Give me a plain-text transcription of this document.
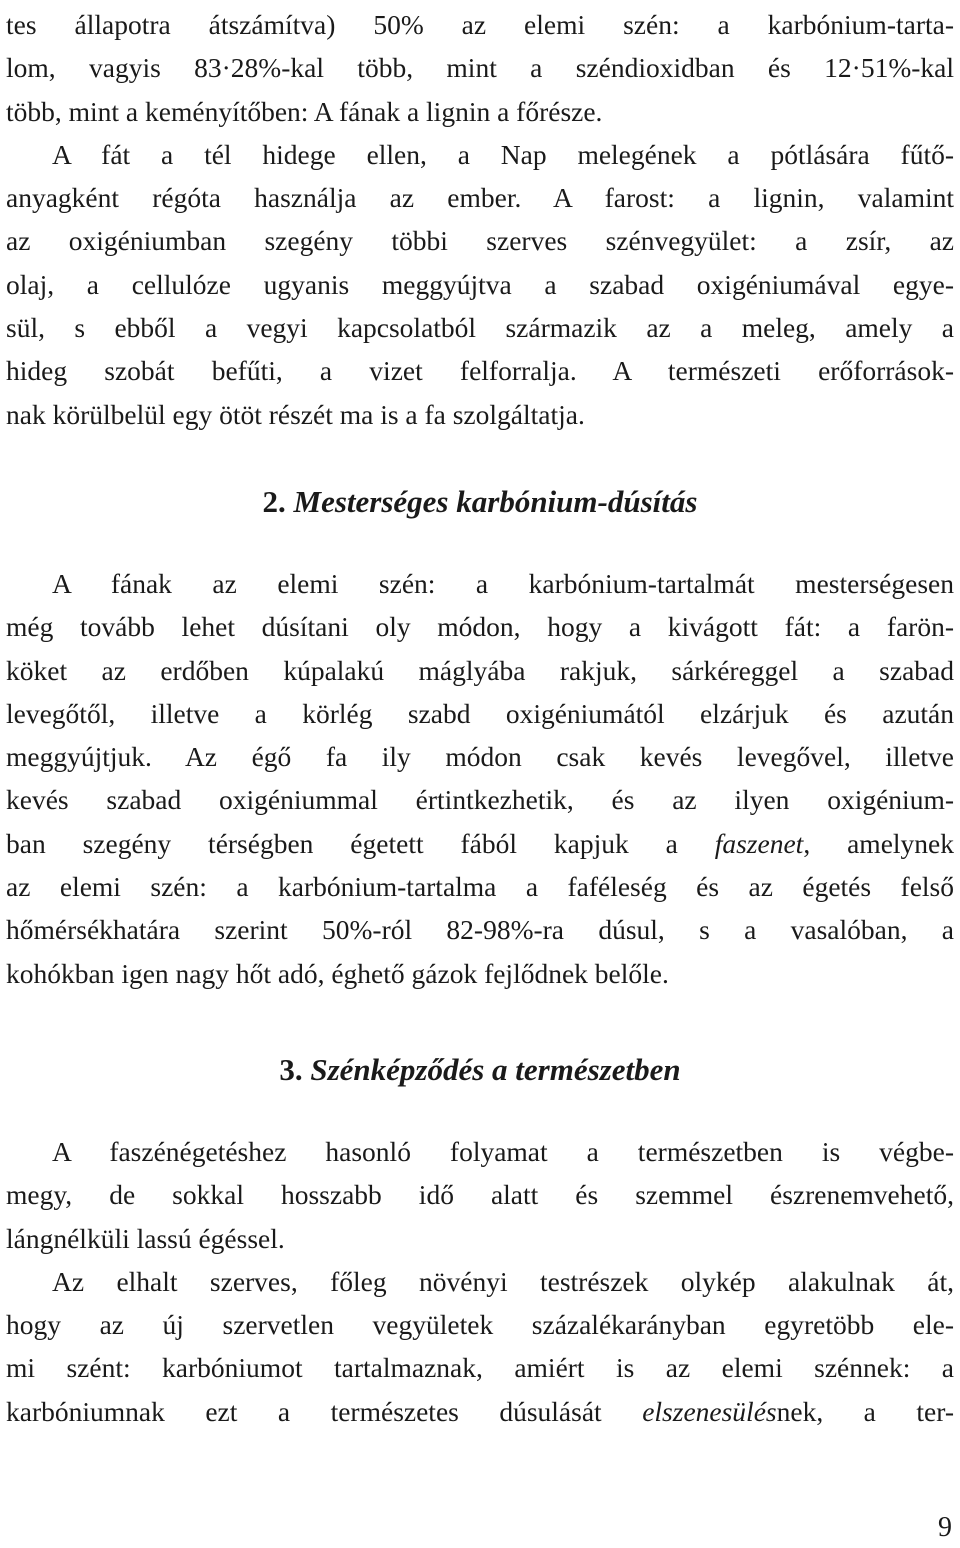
tes állapotra átszámítva) 50% az elemi szén: a karbónium-tarta-
lom, vagyis 83·28%-kal több, mint a széndioxidban és 12·51%-kal
több, mint a keményítőben: A fának a lignin a főrésze.
A fát a tél hidege ellen, a Nap melegének a pótlására fűtő-
anyagként régóta használja az ember. A farost: a lignin, valamint
az oxigéniumban szegény többi szerves szénvegyület: a zsír, az
olaj, a cellulóze ugyanis meggyújtva a szabad oxigéniumával egye-
sül, s ebből a vegyi kapcsolatból származik az a meleg, amely a
hideg szobát befűti, a vizet felforralja. A természeti erőforrások-
nak körülbelül egy ötöt részét ma is a fa szolgáltatja.
2. Mesterséges karbónium-dúsítás
A fának az elemi szén: a karbónium-tartalmát mesterségesen
még tovább lehet dúsítani oly módon, hogy a kivágott fát: a farön-
köket az erdőben kúpalakú máglyába rakjuk, sárkéreggel a szabad
levegőtől, illetve a körlég szabd oxigéniumától elzárjuk és azután
meggyújtjuk. Az égő fa ily módon csak kevés levegővel, illetve
kevés szabad oxigéniummal értintkezhetik, és az ilyen oxigénium-
ban szegény térségben égetett fából kapjuk a faszenet, amelynek
az elemi szén: a karbónium-tartalma a faféleség és az égetés felső
hőmérsékhatára szerint 50%-ról 82-98%-ra dúsul, s a vasalóban, a
kohókban igen nagy hőt adó, éghető gázok fejlődnek belőle.
3. Szénképződés a természetben
A faszénégetéshez hasonló folyamat a természetben is végbe-
megy, de sokkal hosszabb idő alatt és szemmel észrenemvehető,
lángnélküli lassú égéssel.
Az elhalt szerves, főleg növényi testrészek olykép alakulnak át,
hogy az új szervetlen vegyületek százalékarányban egyretöbb ele-
mi szént: karbóniumot tartalmaznak, amiért is az elemi szénnek: a
karbóniumnak ezt a természetes dúsulását elszenesülésnek, a ter-
9
